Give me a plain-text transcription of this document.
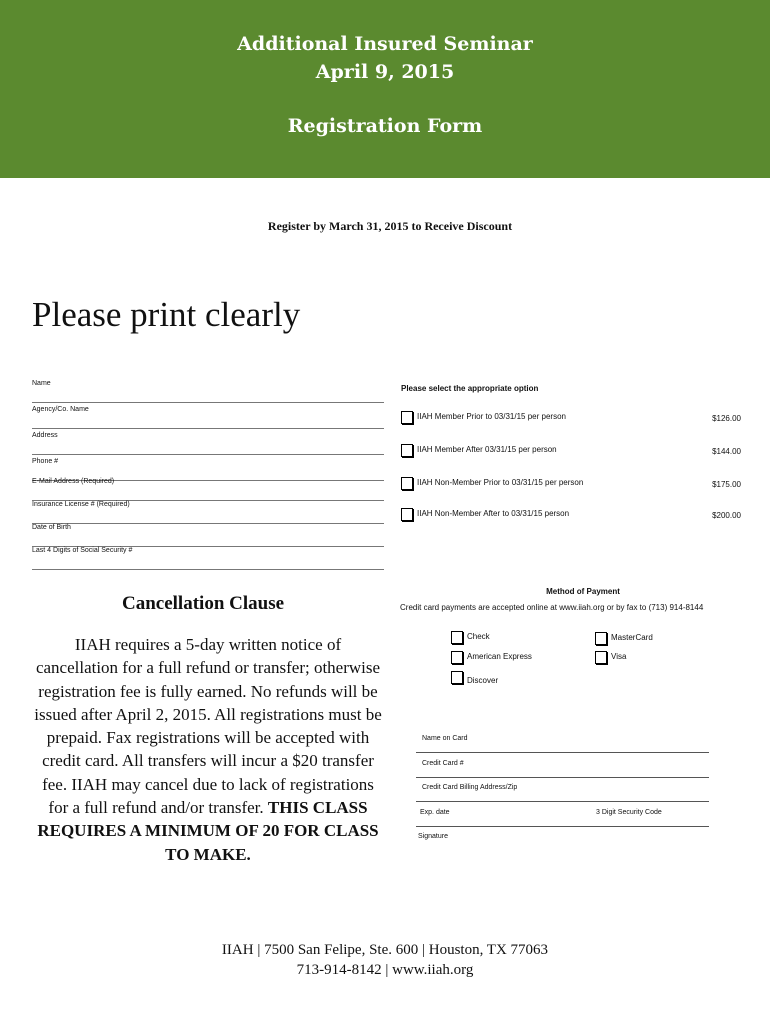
Additional Insured Seminar
April 9, 2015
Registration Form
Register by March 31, 2015 to Receive Discount
Please print clearly
Name
Agency/Co. Name
Address
Phone #
E-Mail Address (Required)
Insurance License # (Required)
Date of Birth
Last 4 Digits of Social Security #
Please select the appropriate option
IIAH Member Prior to 03/31/15 per person	$126.00
IIAH Member After 03/31/15 per person	$144.00
IIAH Non-Member Prior to 03/31/15 per person	$175.00
IIAH Non-Member After to 03/31/15 person	$200.00
Cancellation Clause
IIAH requires a 5-day written notice of cancellation for a full refund or transfer; otherwise registration fee is fully earned. No refunds will be issued after April 2, 2015. All registrations must be prepaid. Fax registrations will be accepted with credit card. All transfers will incur a $20 transfer fee. IIAH may cancel due to lack of registrations for a full refund and/or transfer. THIS CLASS REQUIRES A MINIMUM OF 20 FOR CLASS TO MAKE.
Method of Payment
Credit card payments are accepted online at www.iiah.org or by fax to (713) 914-8144
Check	MasterCard
American Express	Visa
Discover
Name on Card
Credit Card #
Credit Card Billing Address/Zip
Exp. date	3 Digit Security Code
Signature
IIAH | 7500 San Felipe, Ste. 600 | Houston, TX 77063
713-914-8142 | www.iiah.org
